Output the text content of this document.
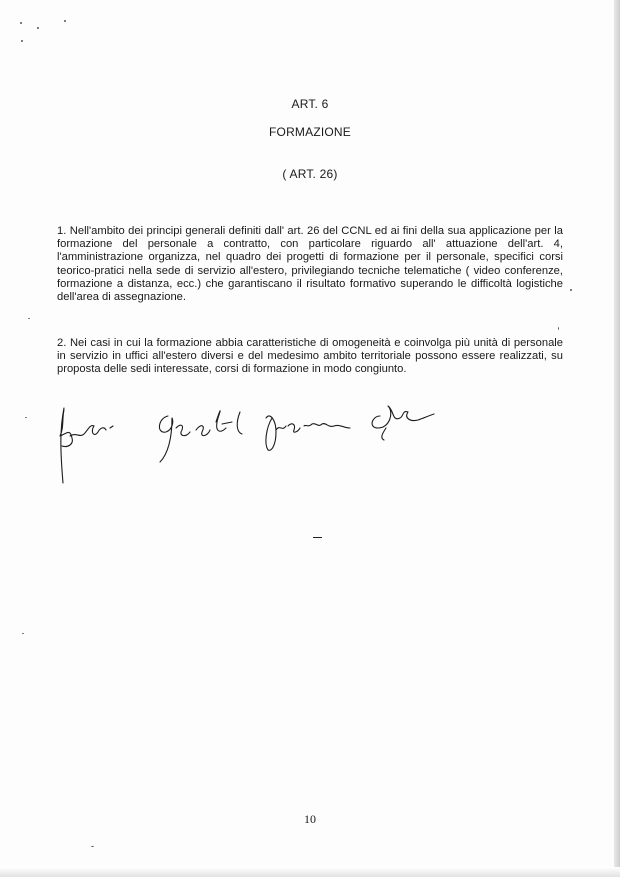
ART. 6
FORMAZIONE
( ART. 26)

1. Nell'ambito dei principi generali definiti dall' art. 26 del CCNL ed ai fini della sua applicazione per la formazione del personale a contratto, con particolare riguardo all' attuazione dell'art. 4, l'amministrazione organizza, nel quadro dei progetti di formazione per il personale, specifici corsi teorico-pratici nella sede di servizio all'estero, privilegiando tecniche telematiche ( video conferenze, formazione a distanza, ecc.) che garantiscano il risultato formativo superando le difficoltà logistiche dell'area di assegnazione.

2. Nei casi in cui la formazione abbia caratteristiche di omogeneità e coinvolga più unità di personale in servizio in uffici all'estero diversi e del medesimo ambito territoriale possono essere realizzati, su proposta delle sedi interessate, corsi di formazione in modo congiunto.

10
